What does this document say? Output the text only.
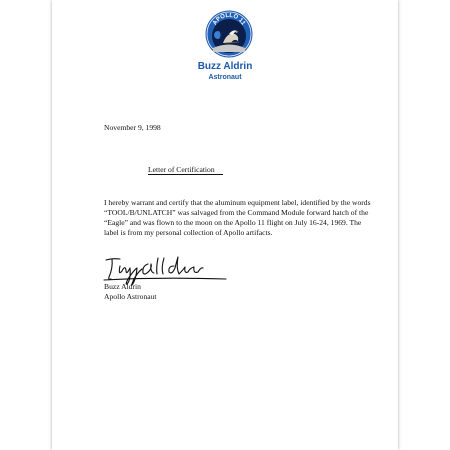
APOLLO 11
Buzz Aldrin
Astronaut
November 9, 1998
Letter of Certification
I hereby warrant and certify that the aluminum equipment label, identified by the words
“TOOL/B/UNLATCH” was salvaged from the Command Module forward hatch of the
“Eagle” and was flown to the moon on the Apollo 11 flight on July 16-24, 1969. The
label is from my personal collection of Apollo artifacts.
Buzz Aldrin
Apollo Astronaut
